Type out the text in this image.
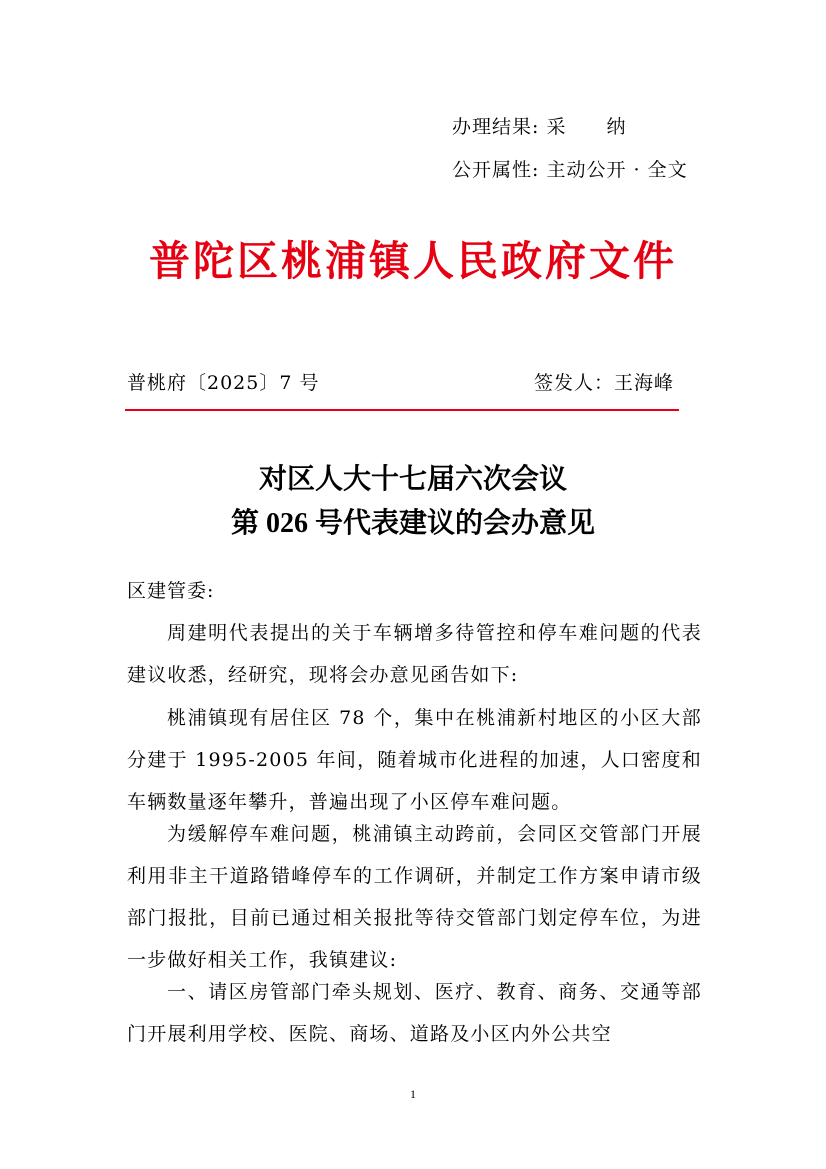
办理结果: 采　　纳
公开属性: 主动公开 · 全文
普陀区桃浦镇人民政府文件
普桃府〔2025〕7 号	签发人：王海峰
对区人大十七届六次会议
第 026 号代表建议的会办意见
区建管委:
周建明代表提出的关于车辆增多待管控和停车难问题的代表建议收悉，经研究，现将会办意见函告如下:
桃浦镇现有居住区 78 个，集中在桃浦新村地区的小区大部分建于 1995-2005 年间，随着城市化进程的加速，人口密度和车辆数量逐年攀升，普遍出现了小区停车难问题。
为缓解停车难问题，桃浦镇主动跨前，会同区交管部门开展利用非主干道路错峰停车的工作调研，并制定工作方案申请市级部门报批，目前已通过相关报批等待交管部门划定停车位，为进一步做好相关工作，我镇建议:
一、请区房管部门牵头规划、医疗、教育、商务、交通等部门开展利用学校、医院、商场、道路及小区内外公共空
1
